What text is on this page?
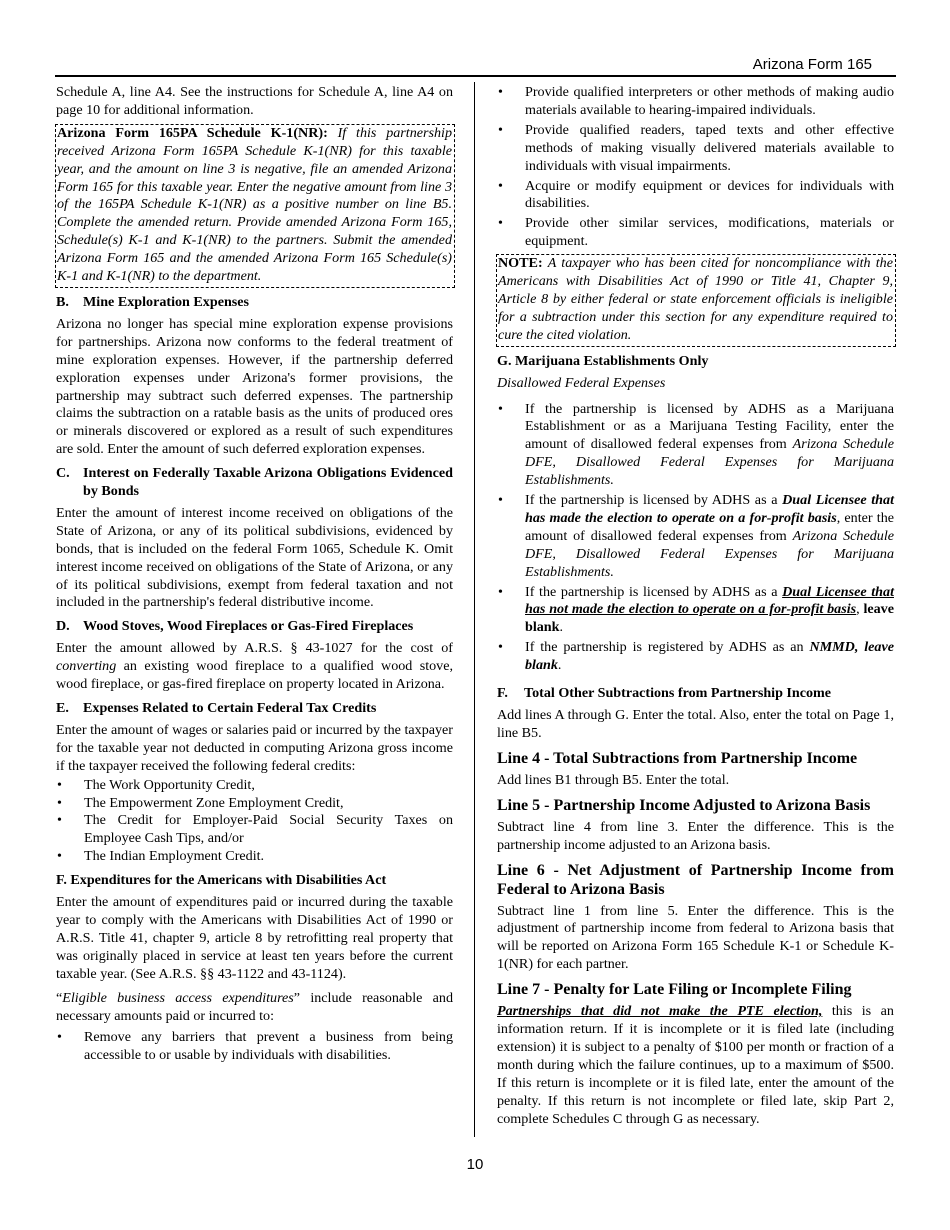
Arizona Form 165

Schedule A, line A4. See the instructions for Schedule A, line A4 on page 10 for additional information.

Arizona Form 165PA Schedule K-1(NR): If this partnership received Arizona Form 165PA Schedule K-1(NR) for this taxable year, and the amount on line 3 is negative, file an amended Arizona Form 165 for this taxable year. Enter the negative amount from line 3 of the 165PA Schedule K-1(NR) as a positive number on line B5. Complete the amended return. Provide amended Arizona Form 165, Schedule(s) K-1 and K-1(NR) to the partners. Submit the amended Arizona Form 165 and the amended Arizona Form 165 Schedule(s) K-1 and K-1(NR) to the department.
B. Mine Exploration Expenses

Arizona no longer has special mine exploration expense provisions for partnerships. Arizona now conforms to the federal treatment of mine exploration expenses. However, if the partnership deferred exploration expenses under Arizona's former provisions, the partnership may subtract such deferred expenses. The partnership claims the subtraction on a ratable basis as the units of produced ores or minerals discovered or explored as a result of such expenditures are sold. Enter the amount of such deferred exploration expenses.

C. Interest on Federally Taxable Arizona Obligations Evidenced by Bonds

Enter the amount of interest income received on obligations of the State of Arizona, or any of its political subdivisions, evidenced by bonds, that is included on the federal Form 1065, Schedule K. Omit interest income received on obligations of the State of Arizona, or any of its political subdivisions, exempt from federal taxation and not included in the partnership's federal distributive income.

D. Wood Stoves, Wood Fireplaces or Gas-Fired Fireplaces

Enter the amount allowed by A.R.S. § 43-1027 for the cost of converting an existing wood fireplace to a qualified wood stove, wood fireplace, or gas-fired fireplace on property located in Arizona.

E. Expenses Related to Certain Federal Tax Credits

Enter the amount of wages or salaries paid or incurred by the taxpayer for the taxable year not deducted in computing Arizona gross income if the taxpayer received the following federal credits:

• The Work Opportunity Credit,
• The Empowerment Zone Employment Credit,
• The Credit for Employer-Paid Social Security Taxes on Employee Cash Tips, and/or
• The Indian Employment Credit.
F. Expenditures for the Americans with Disabilities Act

Enter the amount of expenditures paid or incurred during the taxable year to comply with the Americans with Disabilities Act of 1990 or A.R.S. Title 41, chapter 9, article 8 by retrofitting real property that was originally placed in service at least ten years before the current taxable year. (See A.R.S. §§ 43-1122 and 43-1124).

“Eligible business access expenditures” include reasonable and necessary amounts paid or incurred to:

• Remove any barriers that prevent a business from being accessible to or usable by individuals with disabilities.
• Provide qualified interpreters or other methods of making audio materials available to hearing-impaired individuals.
• Provide qualified readers, taped texts and other effective methods of making visually delivered materials available to individuals with visual impairments.
• Acquire or modify equipment or devices for individuals with disabilities.
• Provide other similar services, modifications, materials or equipment.
NOTE: A taxpayer who has been cited for noncompliance with the Americans with Disabilities Act of 1990 or Title 41, Chapter 9, Article 8 by either federal or state enforcement officials is ineligible for a subtraction under this section for any expenditure required to cure the cited violation.
G. Marijuana Establishments Only

Disallowed Federal Expenses

• If the partnership is licensed by ADHS as a Marijuana Establishment or as a Marijuana Testing Facility, enter the amount of disallowed federal expenses from Arizona Schedule DFE, Disallowed Federal Expenses for Marijuana Establishments.
• If the partnership is licensed by ADHS as a Dual Licensee that has made the election to operate on a for-profit basis, enter the amount of disallowed federal expenses from Arizona Schedule DFE, Disallowed Federal Expenses for Marijuana Establishments.
• If the partnership is licensed by ADHS as a Dual Licensee that has not made the election to operate on a for-profit basis, leave blank.
• If the partnership is registered by ADHS as an NMMD, leave blank.
F. Total Other Subtractions from Partnership Income

Add lines A through G. Enter the total. Also, enter the total on Page 1, line B5.

Line 4 - Total Subtractions from Partnership Income

Add lines B1 through B5. Enter the total.

Line 5 - Partnership Income Adjusted to Arizona Basis

Subtract line 4 from line 3. Enter the difference. This is the partnership income adjusted to an Arizona basis.

Line 6 - Net Adjustment of Partnership Income from Federal to Arizona Basis

Subtract line 1 from line 5. Enter the difference. This is the adjustment of partnership income from federal to Arizona basis that will be reported on Arizona Form 165 Schedule K-1 or Schedule K-1(NR) for each partner.

Line 7 - Penalty for Late Filing or Incomplete Filing

Partnerships that did not make the PTE election, this is an information return. If it is incomplete or it is filed late (including extension) it is subject to a penalty of $100 per month or fraction of a month during which the failure continues, up to a maximum of $500. If this return is incomplete or it is filed late, enter the amount of the penalty. If this return is not incomplete or filed late, skip Part 2, complete Schedules C through G as necessary.

10
